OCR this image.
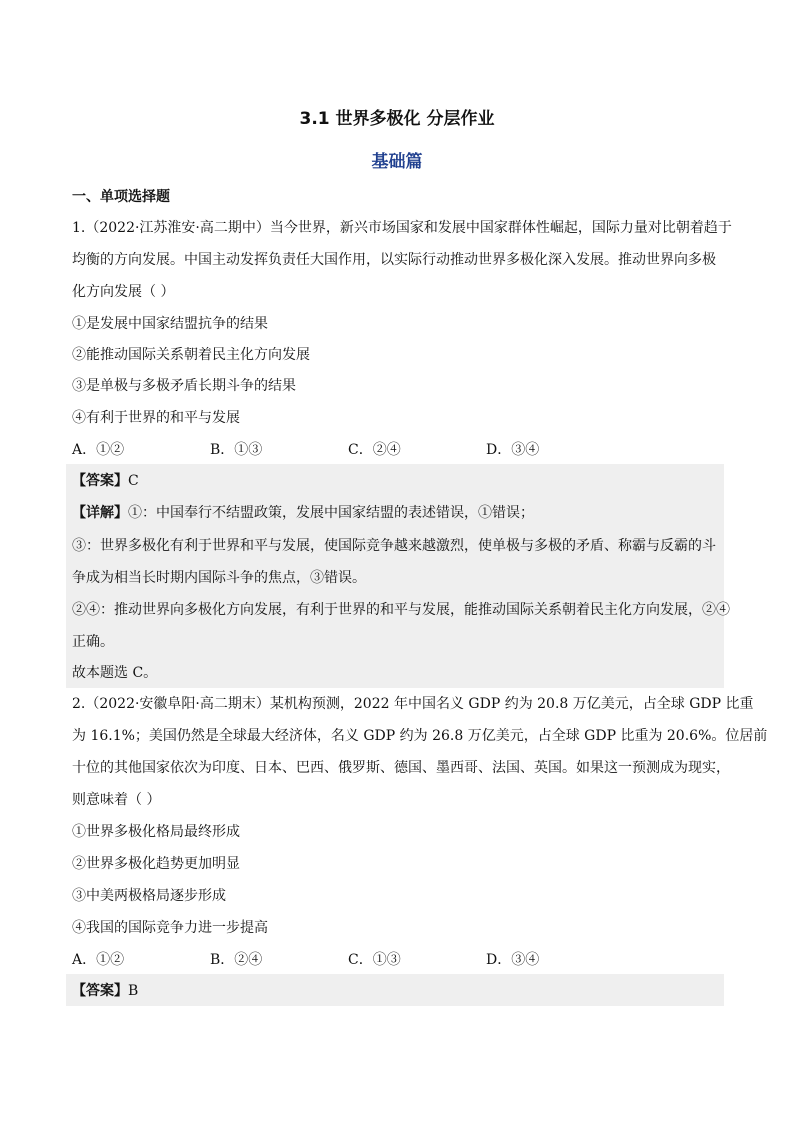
3.1 世界多极化 分层作业
基础篇
一、单项选择题
1.（2022·江苏淮安·高二期中）当今世界，新兴市场国家和发展中国家群体性崛起，国际力量对比朝着趋于
均衡的方向发展。中国主动发挥负责任大国作用，以实际行动推动世界多极化深入发展。推动世界向多极
化方向发展（ ）
①是发展中国家结盟抗争的结果
②能推动国际关系朝着民主化方向发展
③是单极与多极矛盾长期斗争的结果
④有利于世界的和平与发展
A．①②	B．①③	C．②④	D．③④
【答案】C
【详解】①：中国奉行不结盟政策，发展中国家结盟的表述错误，①错误；
③：世界多极化有利于世界和平与发展，使国际竞争越来越激烈，使单极与多极的矛盾、称霸与反霸的斗
争成为相当长时期内国际斗争的焦点，③错误。
②④：推动世界向多极化方向发展，有利于世界的和平与发展，能推动国际关系朝着民主化方向发展，②④
正确。
故本题选 C。
2.（2022·安徽阜阳·高二期末）某机构预测，2022 年中国名义 GDP 约为 20.8 万亿美元，占全球 GDP 比重
为 16.1%；美国仍然是全球最大经济体，名义 GDP 约为 26.8 万亿美元，占全球 GDP 比重为 20.6%。位居前
十位的其他国家依次为印度、日本、巴西、俄罗斯、德国、墨西哥、法国、英国。如果这一预测成为现实，
则意味着（ ）
①世界多极化格局最终形成
②世界多极化趋势更加明显
③中美两极格局逐步形成
④我国的国际竞争力进一步提高
A．①②	B．②④	C．①③	D．③④
【答案】B
